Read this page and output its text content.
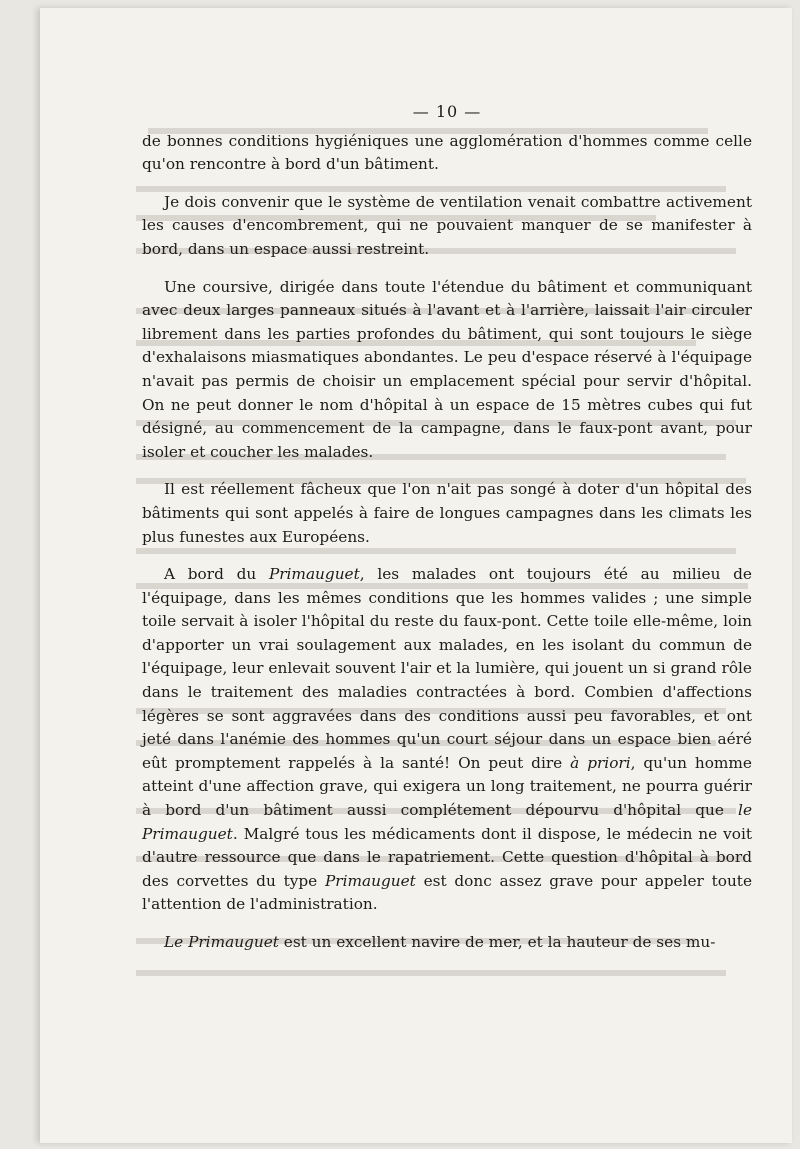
— 10 —

de bonnes conditions hygiéniques une agglomération d'hommes comme celle qu'on rencontre à bord d'un bâtiment.

Je dois convenir que le système de ventilation venait combattre activement les causes d'encombrement, qui ne pouvaient manquer de se manifester à bord, dans un espace aussi restreint.

Une coursive, dirigée dans toute l'étendue du bâtiment et communiquant avec deux larges panneaux situés à l'avant et à l'arrière, laissait l'air circuler librement dans les parties profondes du bâtiment, qui sont toujours le siège d'exhalaisons miasmatiques abondantes. Le peu d'espace réservé à l'équipage n'avait pas permis de choisir un emplacement spécial pour servir d'hôpital. On ne peut donner le nom d'hôpital à un espace de 15 mètres cubes qui fut désigné, au commencement de la campagne, dans le faux-pont avant, pour isoler et coucher les malades.

Il est réellement fâcheux que l'on n'ait pas songé à doter d'un hôpital des bâtiments qui sont appelés à faire de longues campagnes dans les climats les plus funestes aux Européens.

A bord du Primauguet, les malades ont toujours été au milieu de l'équipage, dans les mêmes conditions que les hommes valides ; une simple toile servait à isoler l'hôpital du reste du faux-pont. Cette toile elle-même, loin d'apporter un vrai soulagement aux malades, en les isolant du commun de l'équipage, leur enlevait souvent l'air et la lumière, qui jouent un si grand rôle dans le traitement des maladies contractées à bord. Combien d'affections légères se sont aggravées dans des conditions aussi peu favorables, et ont jeté dans l'anémie des hommes qu'un court séjour dans un espace bien aéré eût promptement rappelés à la santé! On peut dire à priori, qu'un homme atteint d'une affection grave, qui exigera un long traitement, ne pourra guérir à bord d'un bâtiment aussi complétement dépourvu d'hôpital que le Primauguet. Malgré tous les médicaments dont il dispose, le médecin ne voit d'autre ressource que dans le rapatriement. Cette question d'hôpital à bord des corvettes du type Primauguet est donc assez grave pour appeler toute l'attention de l'administration.

Le Primauguet est un excellent navire de mer, et la hauteur de ses mu-
